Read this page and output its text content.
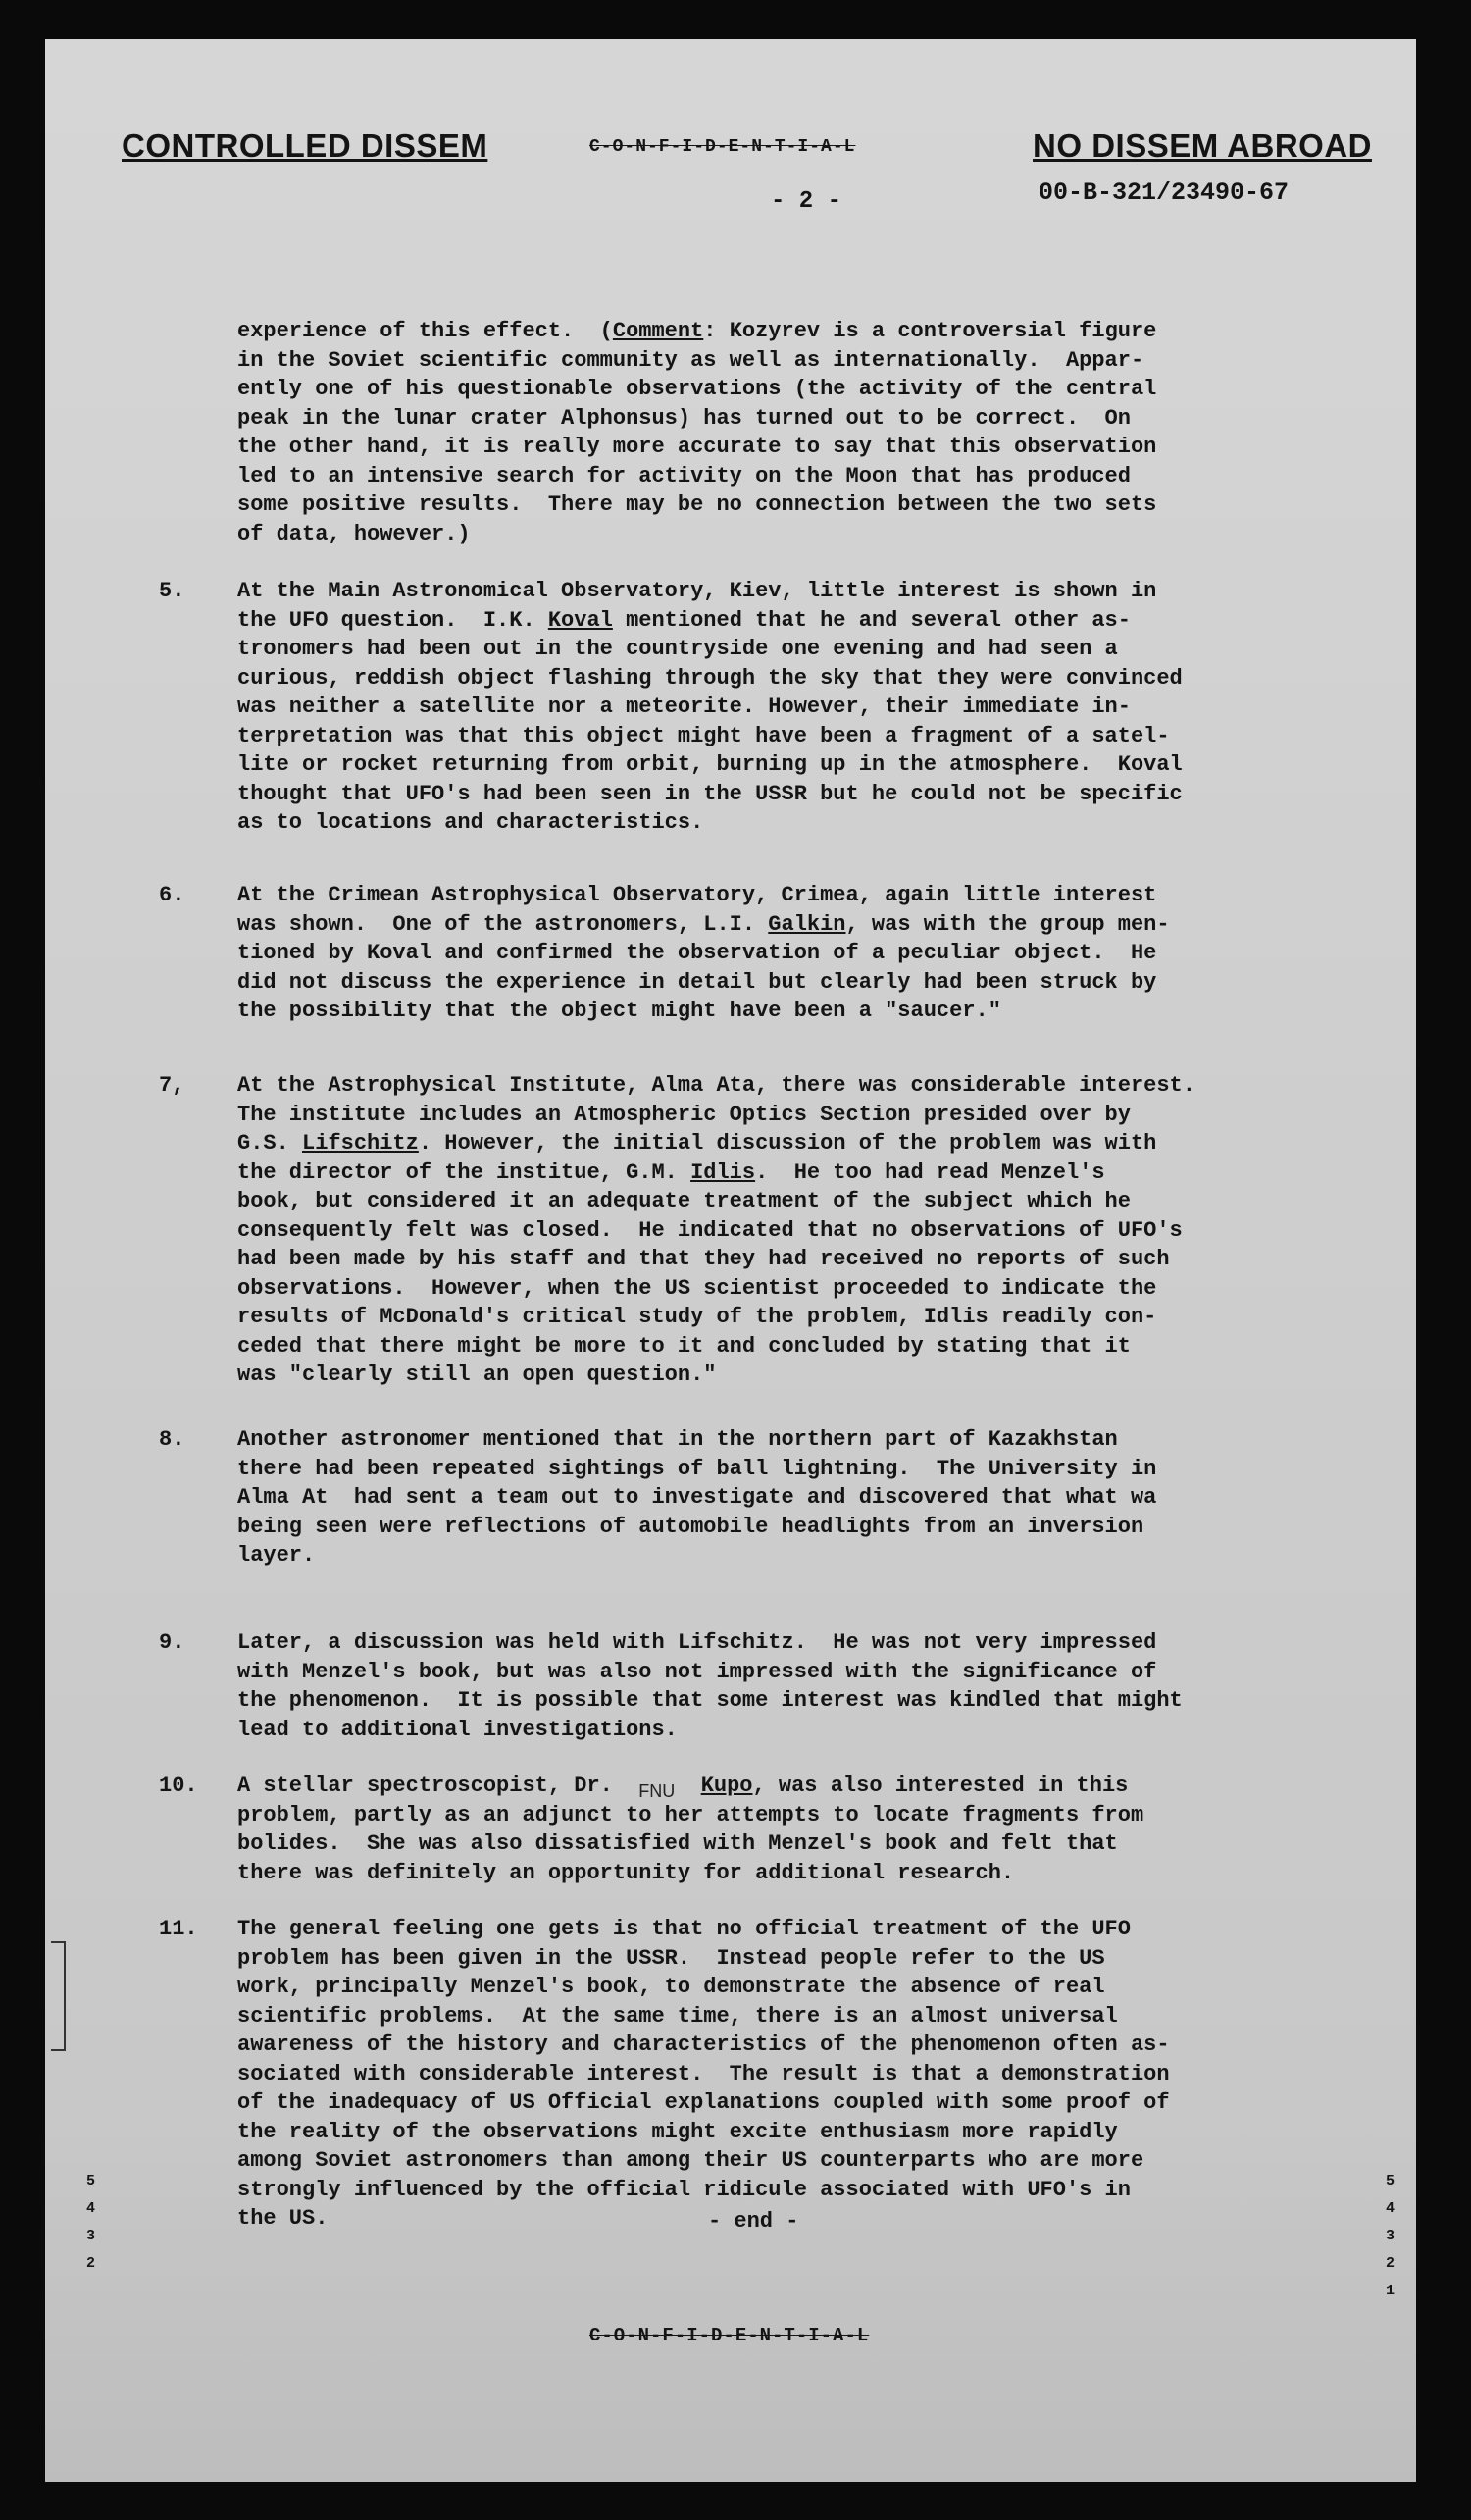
CONTROLLED DISSEM	C-O-N-F-I-D-E-N-T-I-A-L	NO DISSEM ABROAD
- 2 -	00-B-321/23490-67

experience of this effect.  (Comment: Kozyrev is a controversial figure

in the Soviet scientific community as well as internationally.  Appar-

ently one of his questionable observations (the activity of the central

peak in the lunar crater Alphonsus) has turned out to be correct.  On

the other hand, it is really more accurate to say that this observation

led to an intensive search for activity on the Moon that has produced

some positive results.  There may be no connection between the two sets

of data, however.)

5. At the Main Astronomical Observatory, Kiev, little interest is shown in

the UFO question.  I.K. Koval mentioned that he and several other as-

tronomers had been out in the countryside one evening and had seen a

curious, reddish object flashing through the sky that they were convinced

was neither a satellite nor a meteorite. However, their immediate in-

terpretation was that this object might have been a fragment of a satel-

lite or rocket returning from orbit, burning up in the atmosphere.  Koval

thought that UFO's had been seen in the USSR but he could not be specific

as to locations and characteristics.

6. At the Crimean Astrophysical Observatory, Crimea, again little interest

was shown.  One of the astronomers, L.I. Galkin, was with the group men-

tioned by Koval and confirmed the observation of a peculiar object.  He

did not discuss the experience in detail but clearly had been struck by

the possibility that the object might have been a "saucer."

7, At the Astrophysical Institute, Alma Ata, there was considerable interest.

The institute includes an Atmospheric Optics Section presided over by

G.S. Lifschitz. However, the initial discussion of the problem was with

the director of the institue, G.M. Idlis.  He too had read Menzel's

book, but considered it an adequate treatment of the subject which he

consequently felt was closed.  He indicated that no observations of UFO's

had been made by his staff and that they had received no reports of such

observations.  However, when the US scientist proceeded to indicate the

results of McDonald's critical study of the problem, Idlis readily con-

ceded that there might be more to it and concluded by stating that it

was "clearly still an open question."

8. Another astronomer mentioned that in the northern part of Kazakhstan

there had been repeated sightings of ball lightning.  The University in

Alma At  had sent a team out to investigate and discovered that what wa

being seen were reflections of automobile headlights from an inversion

layer.

9. Later, a discussion was held with Lifschitz.  He was not very impressed

with Menzel's book, but was also not impressed with the significance of

the phenomenon.  It is possible that some interest was kindled that might

lead to additional investigations.

10. A stellar spectroscopist, Dr.  $_{FNU}$ Kupo, was also interested in this

problem, partly as an adjunct to her attempts to locate fragments from

bolides.  She was also dissatisfied with Menzel's book and felt that

there was definitely an opportunity for additional research.

11. The general feeling one gets is that no official treatment of the UFO

problem has been given in the USSR.  Instead people refer to the US

work, principally Menzel's book, to demonstrate the absence of real

scientific problems.  At the same time, there is an almost universal

awareness of the history and characteristics of the phenomenon often as-

sociated with considerable interest.  The result is that a demonstration

of the inadequacy of US Official explanations coupled with some proof of

the reality of the observations might excite enthusiasm more rapidly

among Soviet astronomers than among their US counterparts who are more

strongly influenced by the official ridicule associated with UFO's in

the US.	- end -
C-O-N-F-I-D-E-N-T-I-A-L
5
4
3
2
5
4
3
2
1
